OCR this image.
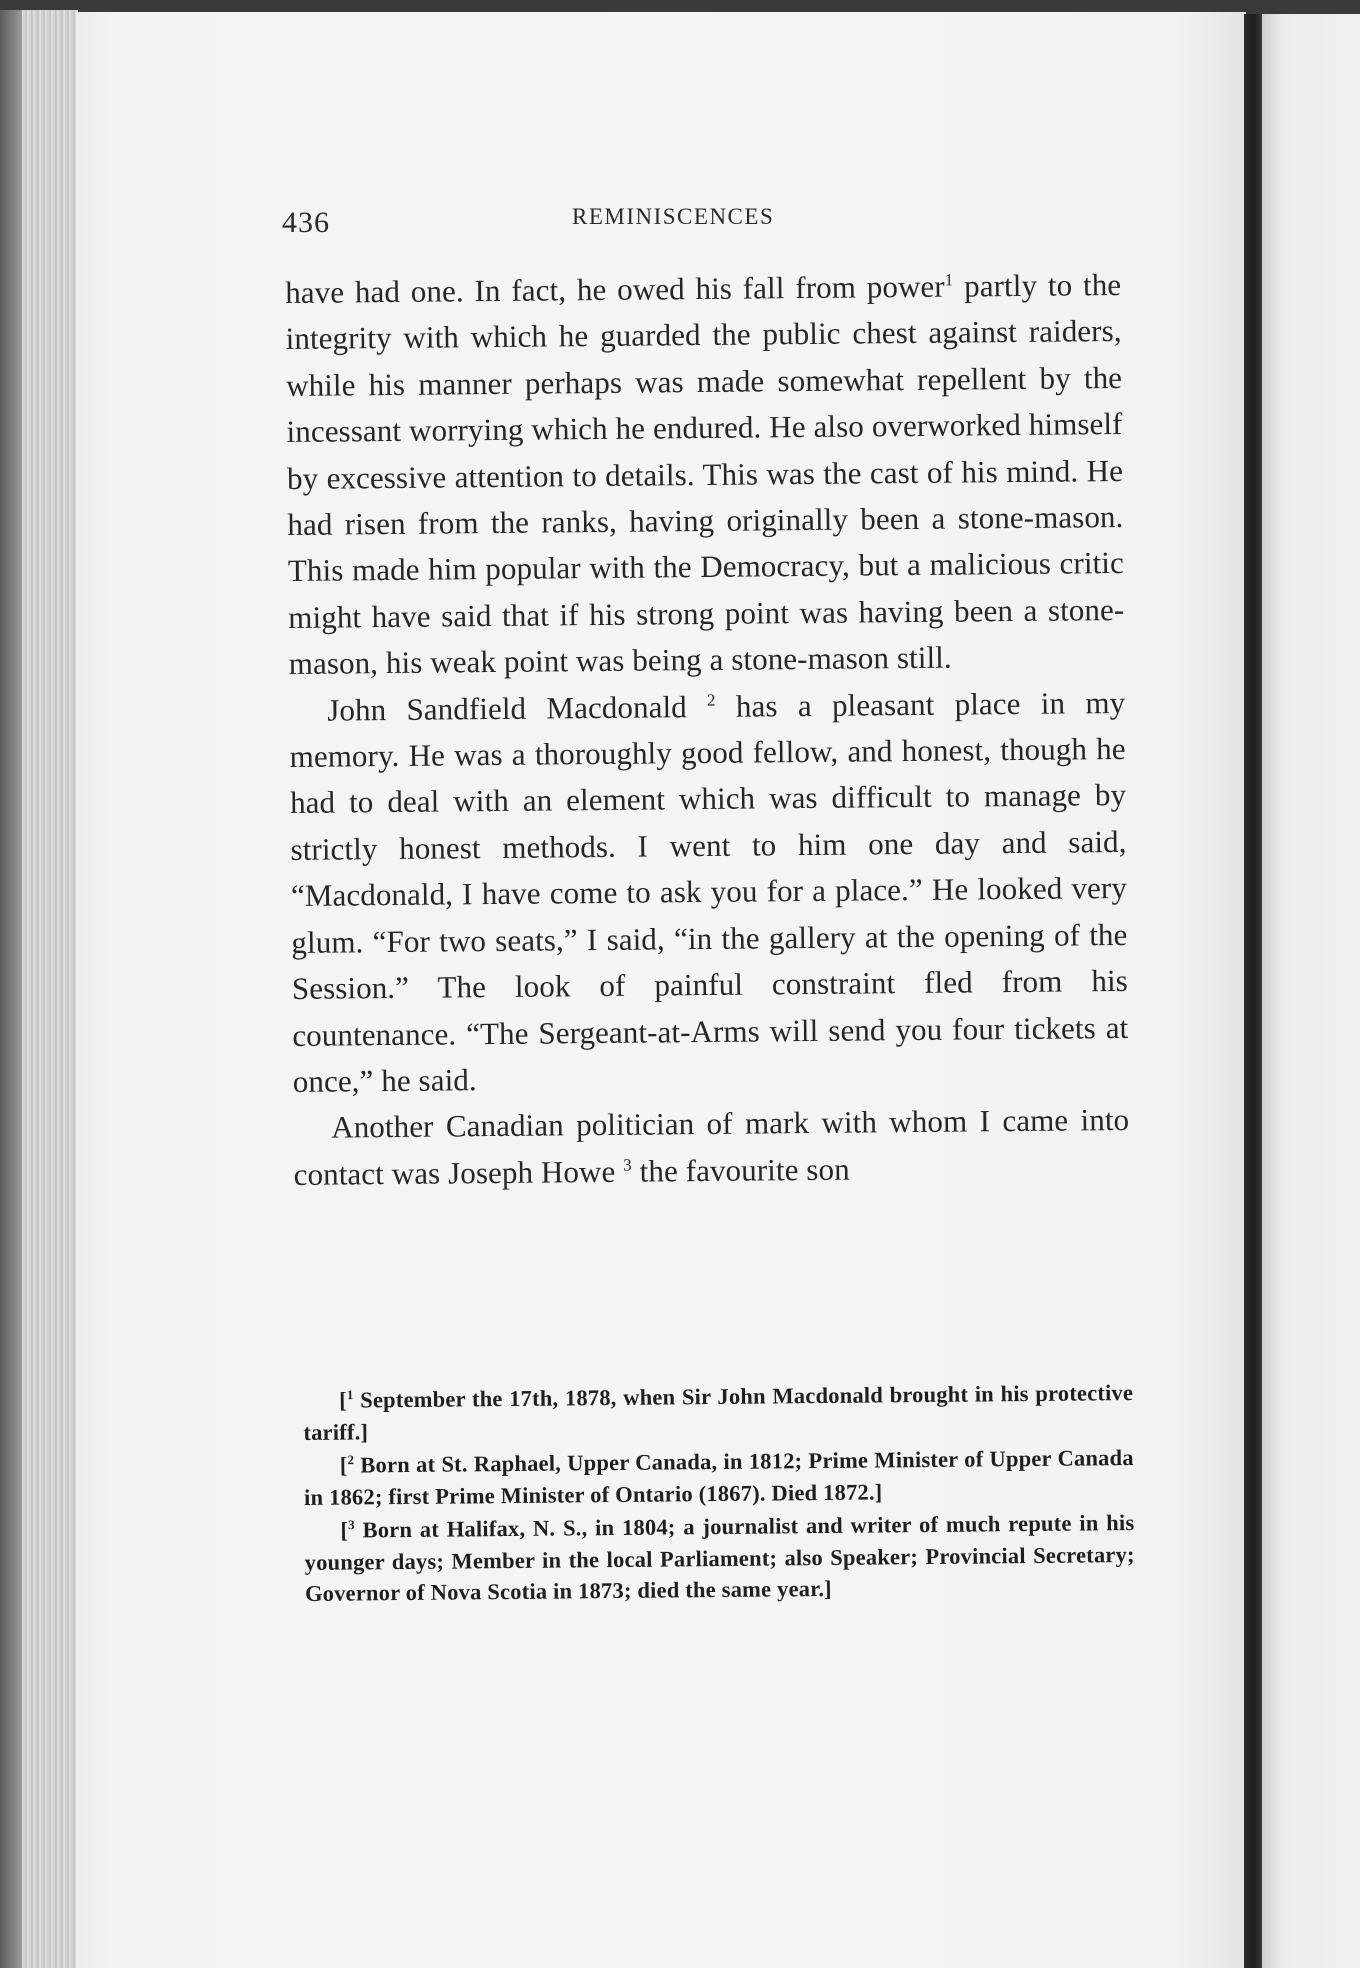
436	REMINISCENCES

have had one. In fact, he owed his fall from power$^1$ partly to the integrity with which he guarded the public chest against raiders, while his manner perhaps was made somewhat repellent by the incessant worrying which he endured. He also overworked himself by excessive attention to details. This was the cast of his mind. He had risen from the ranks, having originally been a stone-mason. This made him popular with the Democracy, but a malicious critic might have said that if his strong point was having been a stone-mason, his weak point was being a stone-mason still.

John Sandfield Macdonald $^2$ has a pleasant place in my memory. He was a thoroughly good fellow, and honest, though he had to deal with an element which was difficult to manage by strictly honest methods. I went to him one day and said, “Macdonald, I have come to ask you for a place.” He looked very glum. “For two seats,” I said, “in the gallery at the opening of the Session.” The look of painful constraint fled from his countenance. “The Sergeant-at-Arms will send you four tickets at once,” he said.

Another Canadian politician of mark with whom I came into contact was Joseph Howe $^3$ the favourite son

[$^1$ September the 17th, 1878, when Sir John Macdonald brought in his protective tariff.]

[$^2$ Born at St. Raphael, Upper Canada, in 1812; Prime Minister of Upper Canada in 1862; first Prime Minister of Ontario (1867). Died 1872.]

[$^3$ Born at Halifax, N. S., in 1804; a journalist and writer of much repute in his younger days; Member in the local Parliament; also Speaker; Provincial Secretary; Governor of Nova Scotia in 1873; died the same year.]
